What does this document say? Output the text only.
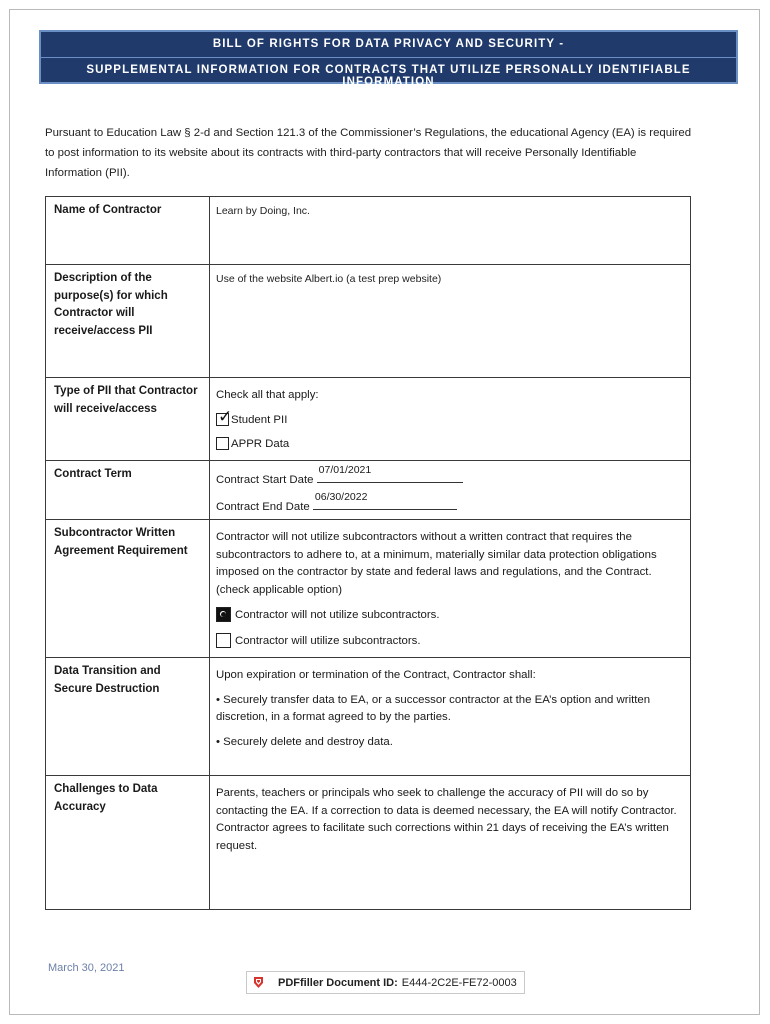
BILL OF RIGHTS FOR DATA PRIVACY AND SECURITY -
SUPPLEMENTAL INFORMATION FOR CONTRACTS THAT UTILIZE PERSONALLY IDENTIFIABLE INFORMATION
Pursuant to Education Law § 2-d and Section 121.3 of the Commissioner’s Regulations, the educational Agency (EA) is required to post information to its website about its contracts with third-party contractors that will receive Personally Identifiable Information (PII).
Name of Contractor	Learn by Doing, Inc.
Description of the purpose(s) for which Contractor will receive/access PII	Use of the website Albert.io (a test prep website)
Type of PII that Contractor will receive/access	Check all that apply:
✓
Student PII
APPR Data

Contract Term	Contract Start Date
07/01/2021
Contract End Date
06/30/2022

Subcontractor Written Agreement Requirement	Contractor will not utilize subcontractors without a written contract that requires the subcontractors to adhere to, at a minimum, materially similar data protection obligations imposed on the contractor by state and federal laws and regulations, and the Contract. (check applicable option)
Contractor will not utilize subcontractors.
Contractor will utilize subcontractors.

Data Transition and Secure Destruction	Upon expiration or termination of the Contract, Contractor shall:
• Securely transfer data to EA, or a successor contractor at the EA’s option and written discretion, in a format agreed to by the parties.
• Securely delete and destroy data.

Challenges to Data Accuracy	Parents, teachers or principals who seek to challenge the accuracy of PII will do so by contacting the EA. If a correction to data is deemed necessary, the EA will notify Contractor. Contractor agrees to facilitate such corrections within 21 days of receiving the EA’s written request.
March 30, 2021
PDFfiller Document ID: E444-2C2E-FE72-0003
